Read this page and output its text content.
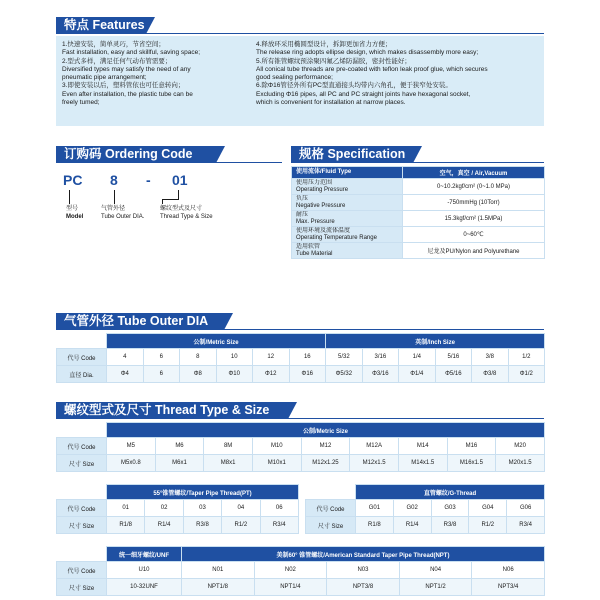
特点 Features
1.快速安装，简单灵巧，节省空间；
Fast installation, easy and skillful, saving space;
2.型式多样，满足任何气动布管需要；
Diversified types may satisfy the need of any
pneumatic pipe arrangement;
3.即使安装以后，塑料管依也可任意转向；
Even after installation, the plastic tube can be
freely tumed;
4.释放环采用椭圆型设计，拆卸更加省力方便；
The release ring adopts ellipse design, which makes disassembly more easy;
5.所有锥管螺纹预涂聚四氟乙烯防漏胶，密封性能好；
All conical tube threads are pre-coated with teflon leak proof glue, which secures
good sealing performance;
6.除Φ16管径外所有PC型直通接头均带内六角孔，便于狭窄处安装。
Excluding Φ16 pipes, all PC and PC straight joints have hexagonal socket,
which is convenient for installation at narrow places.
订购码 Ordering Code
PC 8 - 01
型号
Model
气管外径
Tube Outer DIA.
螺纹型式及尺寸
Thread Type & Size
规格 Specification
使用流体/Fluid Type	空气，真空 / Air,Vacuum

使用压力范围
Operating Pressure	0~10.2kgf/cm² (0~1.0 MPa)

负压
Negative Pressure	-750mmHg (10Torr)

耐压
Max. Pressure	15.3kgf/cm² (1.5MPa)

使用环境及流体温度
Operating Temperature Range	0~60℃

适用软管
Tube Material	尼龙及PU/Nylon and Polyurethane
气管外径 Tube Outer DIA
	公制/Metric Size						英制/Inch Size					
代号 Code	4	6	8	10	12	16	5/32	3/16	1/4	5/16	3/8	1/2
直径 Dia.	Φ4	6	Φ8	Φ10	Φ12	Φ16	Φ5/32	Φ3/16	Φ1/4	Φ5/16	Φ3/8	Φ1/2
螺纹型式及尺寸 Thread Type & Size
	公制/Metric Size								
代号 Code	M5	M6	8M	M10	M12	M12A	M14	M16	M20
尺寸 Size	M5x0.8	M6x1	M8x1	M10x1	M12x1.25	M12x1.5	M14x1.5	M16x1.5	M20x1.5
	55°锥管螺纹/Taper Pipe Thread(PT)				
代号 Code	01	02	03	04	06
尺寸 Size	R1/8	R1/4	R3/8	R1/2	R3/4
	直管螺纹/G-Thread				
代号 Code	G01	G02	G03	G04	G06
尺寸 Size	R1/8	R1/4	R3/8	R1/2	R3/4
	统一细牙螺纹/UNF	美制60° 锥管螺纹/American Standard Taper Pipe Thread(NPT)				
代号 Code	U10	N01	N02	N03	N04	N06
尺寸 Size	10-32UNF	NPT1/8	NPT1/4	NPT3/8	NPT1/2	NPT3/4
